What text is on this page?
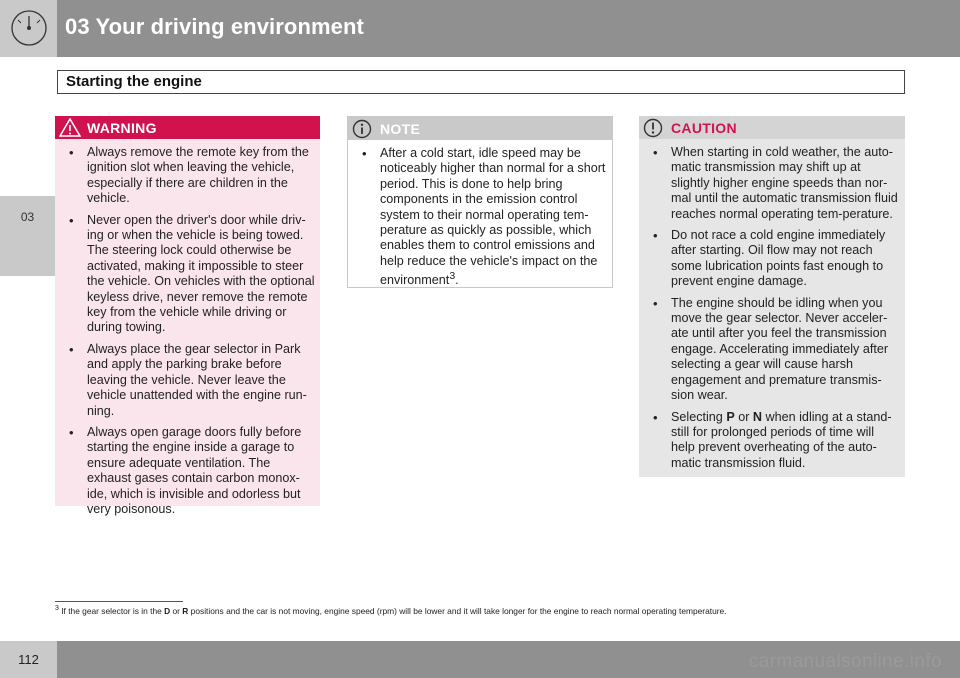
03 Your driving environment
03
Starting the engine
WARNING
• Always remove the remote key from the ignition slot when leaving the vehicle, especially if there are children in the vehicle.
• Never open the driver's door while driv-ing or when the vehicle is being towed. The steering lock could otherwise be activated, making it impossible to steer the vehicle. On vehicles with the optional keyless drive, never remove the remote key from the vehicle while driving or during towing.
• Always place the gear selector in Park and apply the parking brake before leaving the vehicle. Never leave the vehicle unattended with the engine run-ning.
• Always open garage doors fully before starting the engine inside a garage to ensure adequate ventilation. The exhaust gases contain carbon monox-ide, which is invisible and odorless but very poisonous.
NOTE
• After a cold start, idle speed may be noticeably higher than normal for a short period. This is done to help bring components in the emission control system to their normal operating tem-perature as quickly as possible, which enables them to control emissions and help reduce the vehicle's impact on the environment$^3$.
CAUTION
• When starting in cold weather, the auto-matic transmission may shift up at slightly higher engine speeds than nor-mal until the automatic transmission fluid reaches normal operating tem-perature.
• Do not race a cold engine immediately after starting. Oil flow may not reach some lubrication points fast enough to prevent engine damage.
• The engine should be idling when you move the gear selector. Never acceler-ate until after you feel the transmission engage. Accelerating immediately after selecting a gear will cause harsh engagement and premature transmis-sion wear.
• Selecting P or N when idling at a stand-still for prolonged periods of time will help prevent overheating of the auto-matic transmission fluid.
$^3$ If the gear selector is in the D or R positions and the car is not moving, engine speed (rpm) will be lower and it will take longer for the engine to reach normal operating temperature.
112	carmanualsonline.info
